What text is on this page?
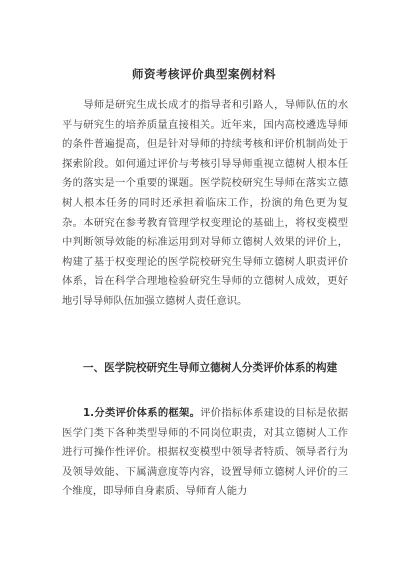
师资考核评价典型案例材料

导师是研究生成长成才的指导者和引路人，导师队伍的水平与研究生的培养质量直接相关。近年来，国内高校遴选导师的条件普遍提高，但是针对导师的持续考核和评价机制尚处于探索阶段。如何通过评价与考核引导导师重视立德树人根本任务的落实是一个重要的课题。医学院校研究生导师在落实立德树人根本任务的同时还承担着临床工作，扮演的角色更为复杂。本研究在参考教育管理学权变理论的基础上，将权变模型中判断领导效能的标准运用到对导师立德树人效果的评价上，构建了基于权变理论的医学院校研究生导师立德树人职责评价体系，旨在科学合理地检验研究生导师的立德树人成效，更好地引导导师队伍加强立德树人责任意识。

一、医学院校研究生导师立德树人分类评价体系的构建

1.分类评价体系的框架。评价指标体系建设的目标是依据医学门类下各种类型导师的不同岗位职责，对其立德树人工作进行可操作性评价。根据权变模型中领导者特质、领导者行为及领导效能、下属满意度等内容，设置导师立德树人评价的三个维度，即导师自身素质、导师育人能力
